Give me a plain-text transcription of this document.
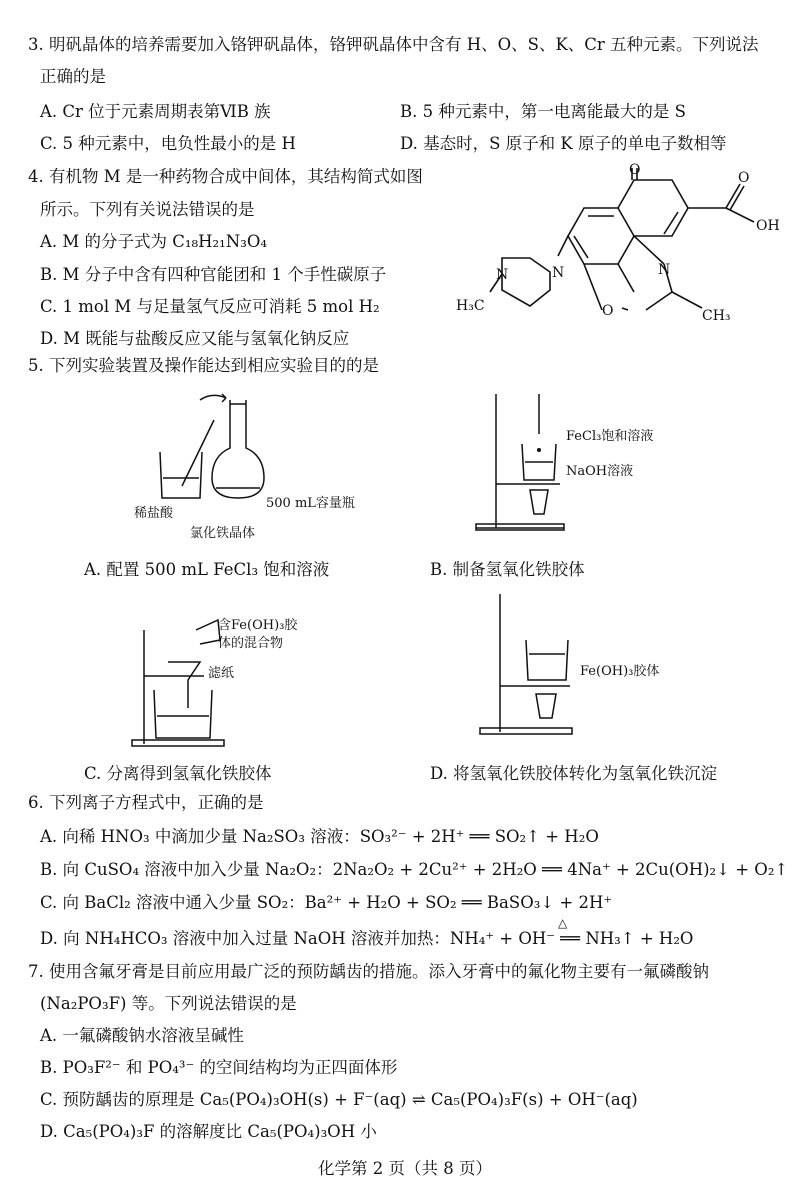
3. 明矾晶体的培养需要加入铬钾矾晶体，铬钾矾晶体中含有 H、O、S、K、Cr 五种元素。下列说法
正确的是
A. Cr 位于元素周期表第ⅥB 族	B. 5 种元素中，第一电离能最大的是 S
C. 5 种元素中，电负性最小的是 H	D. 基态时，S 原子和 K 原子的单电子数相等
4. 有机物 M 是一种药物合成中间体，其结构简式如图
所示。下列有关说法错误的是
A. M 的分子式为 C₁₈H₂₁N₃O₄
B. M 分子中含有四种官能团和 1 个手性碳原子
C. 1 mol M 与足量氢气反应可消耗 5 mol H₂
D. M 既能与盐酸反应又能与氢氧化钠反应
O	O
OH
N
N
H₃C
N
O	CH₃
5. 下列实验装置及操作能达到相应实验目的的是
稀盐酸
氯化铁晶体
500 mL容量瓶
A. 配置 500 mL FeCl₃ 饱和溶液
FeCl₃饱和溶液
NaOH溶液
B. 制备氢氧化铁胶体
含Fe(OH)₃胶
体的混合物
滤纸
C. 分离得到氢氧化铁胶体
Fe(OH)₃胶体
D. 将氢氧化铁胶体转化为氢氧化铁沉淀
6. 下列离子方程式中，正确的是
A. 向稀 HNO₃ 中滴加少量 Na₂SO₃ 溶液：SO₃²⁻ + 2H⁺ ══ SO₂↑ + H₂O
B. 向 CuSO₄ 溶液中加入少量 Na₂O₂：2Na₂O₂ + 2Cu²⁺ + 2H₂O ══ 4Na⁺ + 2Cu(OH)₂↓ + O₂↑
C. 向 BaCl₂ 溶液中通入少量 SO₂：Ba²⁺ + H₂O + SO₂ ══ BaSO₃↓ + 2H⁺
△
D. 向 NH₄HCO₃ 溶液中加入过量 NaOH 溶液并加热：NH₄⁺ + OH⁻ ══ NH₃↑ + H₂O
7. 使用含氟牙膏是目前应用最广泛的预防龋齿的措施。添入牙膏中的氟化物主要有一氟磷酸钠
(Na₂PO₃F) 等。下列说法错误的是
A. 一氟磷酸钠水溶液呈碱性
B. PO₃F²⁻ 和 PO₄³⁻ 的空间结构均为正四面体形
C. 预防龋齿的原理是 Ca₅(PO₄)₃OH(s) + F⁻(aq) ⇌ Ca₅(PO₄)₃F(s) + OH⁻(aq)
D. Ca₅(PO₄)₃F 的溶解度比 Ca₅(PO₄)₃OH 小
化学第 2 页（共 8 页）
